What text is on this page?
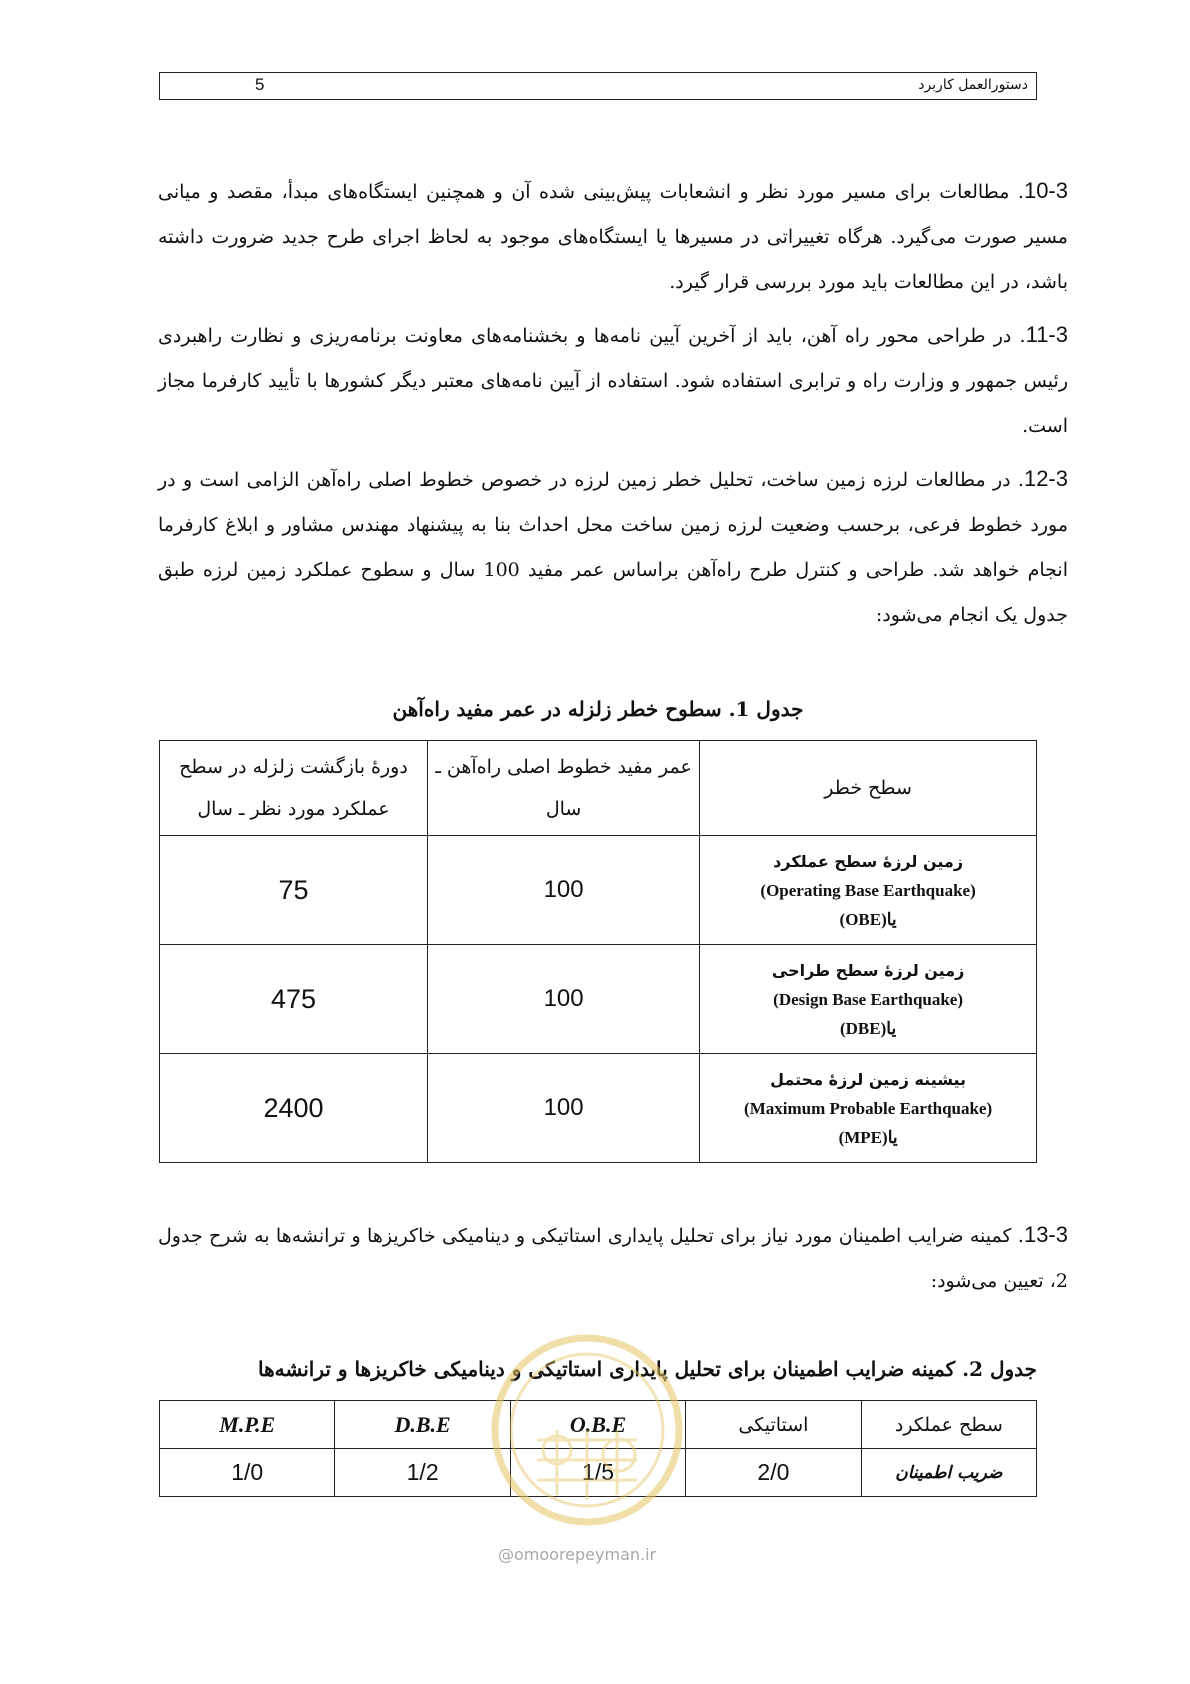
دستورالعمل کاربرد
5
10-3. مطالعات برای مسیر مورد نظر و انشعابات پیش‌بینی شده آن و همچنین ایستگاه‌های مبدأ، مقصد و میانی مسیر صورت می‌گیرد. هرگاه تغییراتی در مسیرها یا ایستگاه‌های موجود به لحاظ اجرای طرح جدید ضرورت داشته باشد، در این مطالعات باید مورد بررسی قرار گیرد.
11-3. در طراحی محور راه آهن، باید از آخرین آیین نامه‌ها و بخشنامه‌های معاونت برنامه‌ریزی و نظارت راهبردی رئیس جمهور و وزارت راه و ترابری استفاده شود. استفاده از آیین نامه‌های معتبر دیگر کشورها با تأیید کارفرما مجاز است.
12-3. در مطالعات لرزه زمین ساخت، تحلیل خطر زمین لرزه در خصوص خطوط اصلی راه‌آهن الزامی است و در مورد خطوط فرعی، برحسب وضعیت لرزه زمین ساخت محل احداث بنا به پیشنهاد مهندس مشاور و ابلاغ کارفرما انجام خواهد شد. طراحی و کنترل طرح راه‌آهن براساس عمر مفید 100 سال و سطوح عملکرد زمین لرزه طبق جدول یک انجام می‌شود:
جدول 1. سطوح خطر زلزله در عمر مفید راه‌آهن
سطح خطر	عمر مفید خطوط اصلی راه‌آهن ـ سال	دورهٔ بازگشت زلزله در سطح عملکرد مورد نظر ـ سال

زمین لرزهٔ سطح عملکرد
(Operating Base Earthquake)
یا(OBE)	100	75

زمین لرزهٔ سطح طراحی
(Design Base Earthquake)
یا(DBE)	100	475

بیشینه زمین لرزهٔ محتمل
(Maximum Probable Earthquake)
یا(MPE)	100	2400
13-3. کمینه ضرایب اطمینان مورد نیاز برای تحلیل پایداری استاتیکی و دینامیکی خاکریزها و ترانشه‌ها به شرح جدول 2، تعیین می‌شود:
جدول 2. کمینه ضرایب اطمینان برای تحلیل پایداری استاتیکی و دینامیکی خاکریزها و ترانشه‌ها
سطح عملکرد	استاتیکی	O.B.E	D.B.E	M.P.E
ضریب اطمینان	2/0	1/5	1/2	1/0
@omoorepeyman.ir
